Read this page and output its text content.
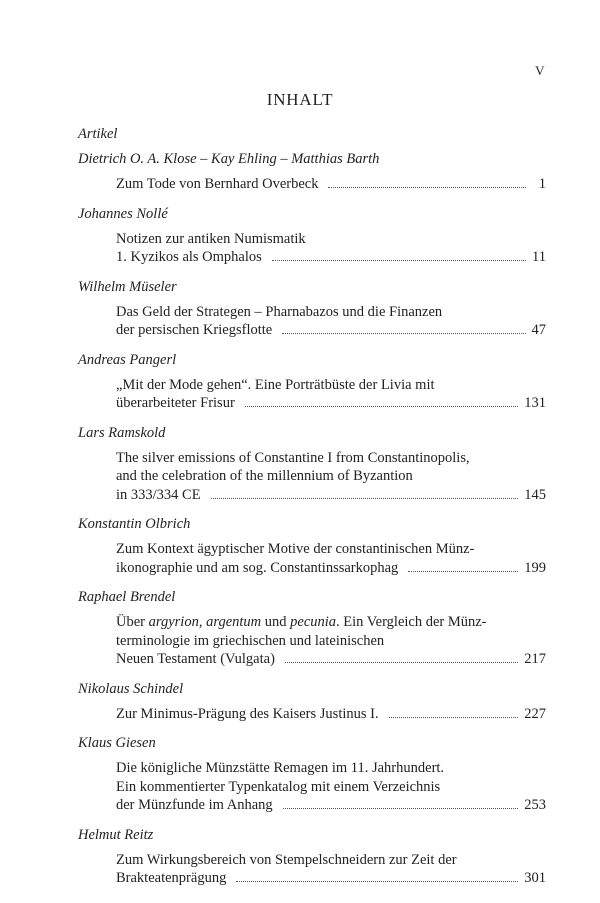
V
INHALT
Artikel
Dietrich O. A. Klose – Kay Ehling – Matthias Barth
Zum Tode von Bernhard Overbeck	1
Johannes Nollé
Notizen zur antiken Numismatik
1. Kyzikos als Omphalos	11
Wilhelm Müseler
Das Geld der Strategen – Pharnabazos und die Finanzen
der persischen Kriegsflotte	47
Andreas Pangerl
„Mit der Mode gehen“. Eine Porträtbüste der Livia mit
überarbeiteter Frisur	131
Lars Ramskold
The silver emissions of Constantine I from Constantinopolis,
and the celebration of the millennium of Byzantion
in 333/334 CE	145
Konstantin Olbrich
Zum Kontext ägyptischer Motive der constantinischen Münz-
ikonographie und am sog. Constantinssarkophag	199
Raphael Brendel
Über argyrion, argentum und pecunia. Ein Vergleich der Münz-
terminologie im griechischen und lateinischen
Neuen Testament (Vulgata)	217
Nikolaus Schindel
Zur Minimus-Prägung des Kaisers Justinus I.	227
Klaus Giesen
Die königliche Münzstätte Remagen im 11. Jahrhundert.
Ein kommentierter Typenkatalog mit einem Verzeichnis
der Münzfunde im Anhang	253
Helmut Reitz
Zum Wirkungsbereich von Stempelschneidern zur Zeit der
Brakteatenprägung	301
